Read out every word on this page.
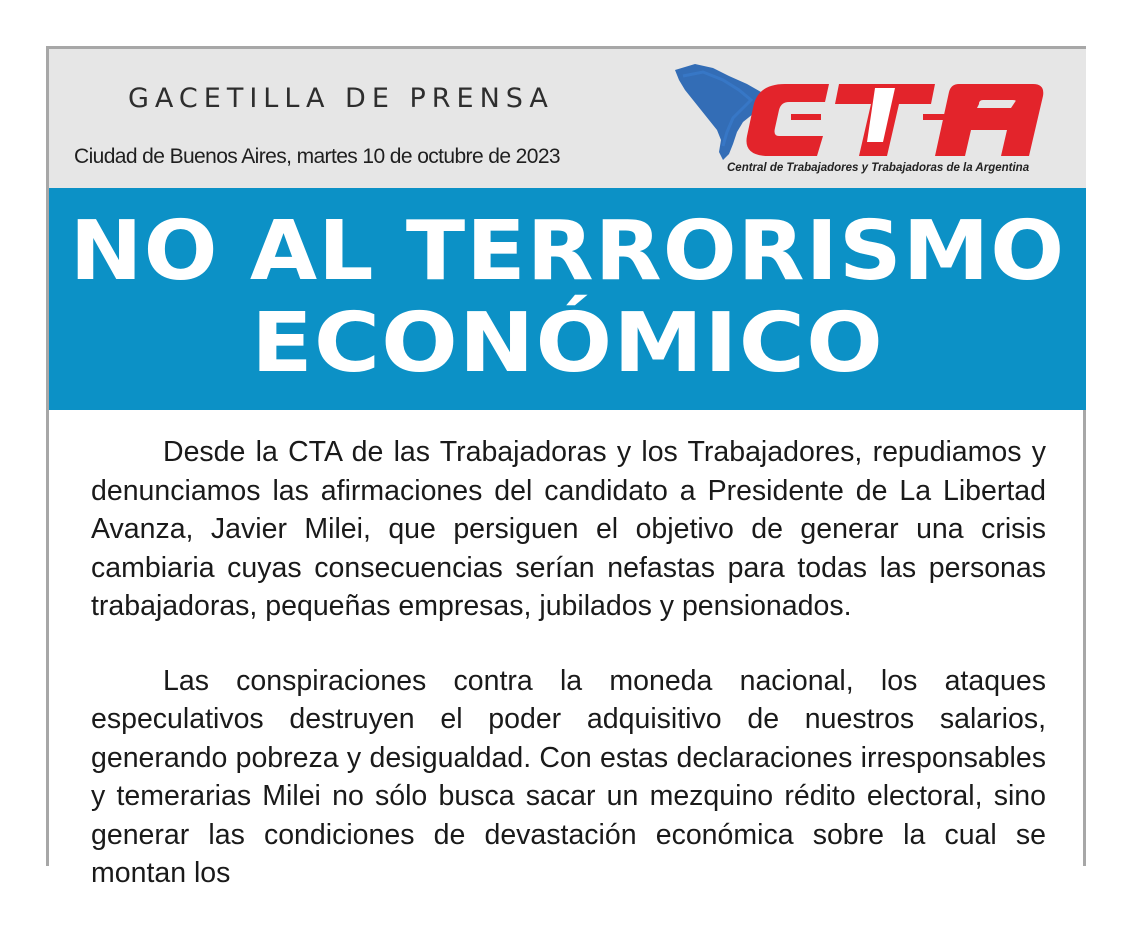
GACETILLA DE PRENSA
Ciudad de Buenos Aires, martes 10 de octubre de 2023	Central de Trabajadores y Trabajadoras de la Argentina
NO AL TERRORISMO
ECONÓMICO

Desde la CTA de las Trabajadoras y los Trabajadores, repudiamos y denunciamos las afirmaciones del candidato a Presidente de La Libertad Avanza, Javier Milei, que persiguen el objetivo de generar una crisis cambiaria cuyas consecuencias serían nefastas para todas las personas trabajadoras, pequeñas empresas, jubilados y pensionados.

Las conspiraciones contra la moneda nacional, los ataques especulativos destruyen el poder adquisitivo de nuestros salarios, generando pobreza y desigualdad. Con estas declaraciones irresponsables y temerarias Milei no sólo busca sacar un mezquino rédito electoral, sino generar las condiciones de devastación económica sobre la cual se montan los
